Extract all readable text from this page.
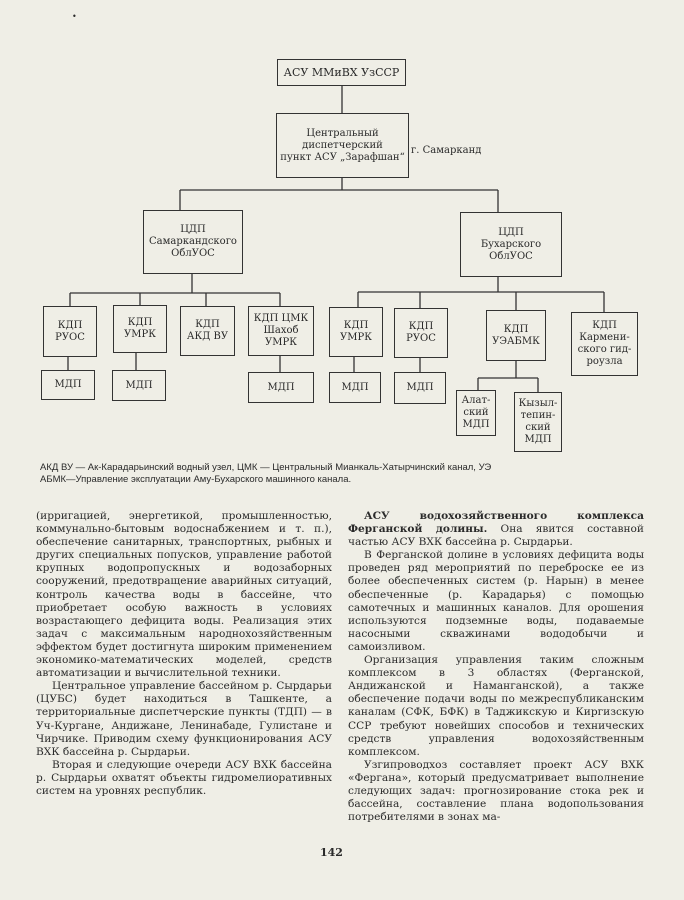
•
АСУ ММиВХ УзССР
Центральный
диспетчерский
пункт АСУ „Зарафшан“
г. Самарканд
ЦДП
Самаркандского
ОблУОС
ЦДП
Бухарского
ОблУОС
КДП
РУОС
КДП
УМРК
КДП
АКД ВУ
КДП ЦМК
Шахоб
УМРК
КДП
УМРК
КДП
РУОС
КДП
УЭАБМК
КДП
Кармени-
ского гид-
роузла
МДП	МДП	МДП	МДП	МДП
Алат-
ский
МДП
Кызыл-
тепин-
ский
МДП
АКД ВУ — Ак-Карадарьинский водный узел, ЦМК — Центральный Мианкаль-Хатырчинский канал, УЭ
АБМК—Управление эксплуатации Аму-Бухарского машинного канала.

(ирригацией, энергетикой, промышленностью, коммунально-бытовым водоснабжением и т. п.), обеспечение санитарных, транспортных, рыбных и других специальных попусков, управление работой крупных водопропускных и водозаборных сооружений, предотвращение аварийных ситуаций, контроль качества воды в бассейне, что приобретает особую важность в условиях возрастающего дефицита воды. Реализация этих задач с максимальным народнохозяйственным эффектом будет достигнута широким применением экономико-математических моделей, средств автоматизации и вычислительной техники.

Центральное управление бассейном р. Сырдарьи (ЦУБС) будет находиться в Ташкенте, а территориальные диспетчерские пункты (ТДП) — в Уч-Кургане, Андижане, Ленинабаде, Гулистане и Чирчике. Приводим схему функционирования АСУ ВХК бассейна р. Сырдарьи.

Вторая и следующие очереди АСУ ВХК бассейна р. Сырдарьи охватят объекты гидромелиоративных систем на уровнях республик.

АСУ водохозяйственного комплекса Ферганской долины. Она явится составной частью АСУ ВХК бассейна р. Сырдарьи.

В Ферганской долине в условиях дефицита воды проведен ряд мероприятий по переброске ее из более обеспеченных систем (р. Нарын) в менее обеспеченные (р. Карадарья) с помощью самотечных и машинных каналов. Для орошения используются подземные воды, подаваемые насосными скважинами вододобычи и самоизливом.

Организация управления таким сложным комплексом в 3 областях (Ферганской, Андижанской и Наманганской), а также обеспечение подачи воды по межреспубликанским каналам (СФК, БФК) в Таджикскую и Киргизскую ССР требуют новейших способов и технических средств управления водохозяйственным комплексом.

Узгипроводхоз составляет проект АСУ ВХК «Фергана», который предусматривает выполнение следующих задач: прогнозирование стока рек и бассейна, составление плана водопользования потребителями в зонах ма-

142
